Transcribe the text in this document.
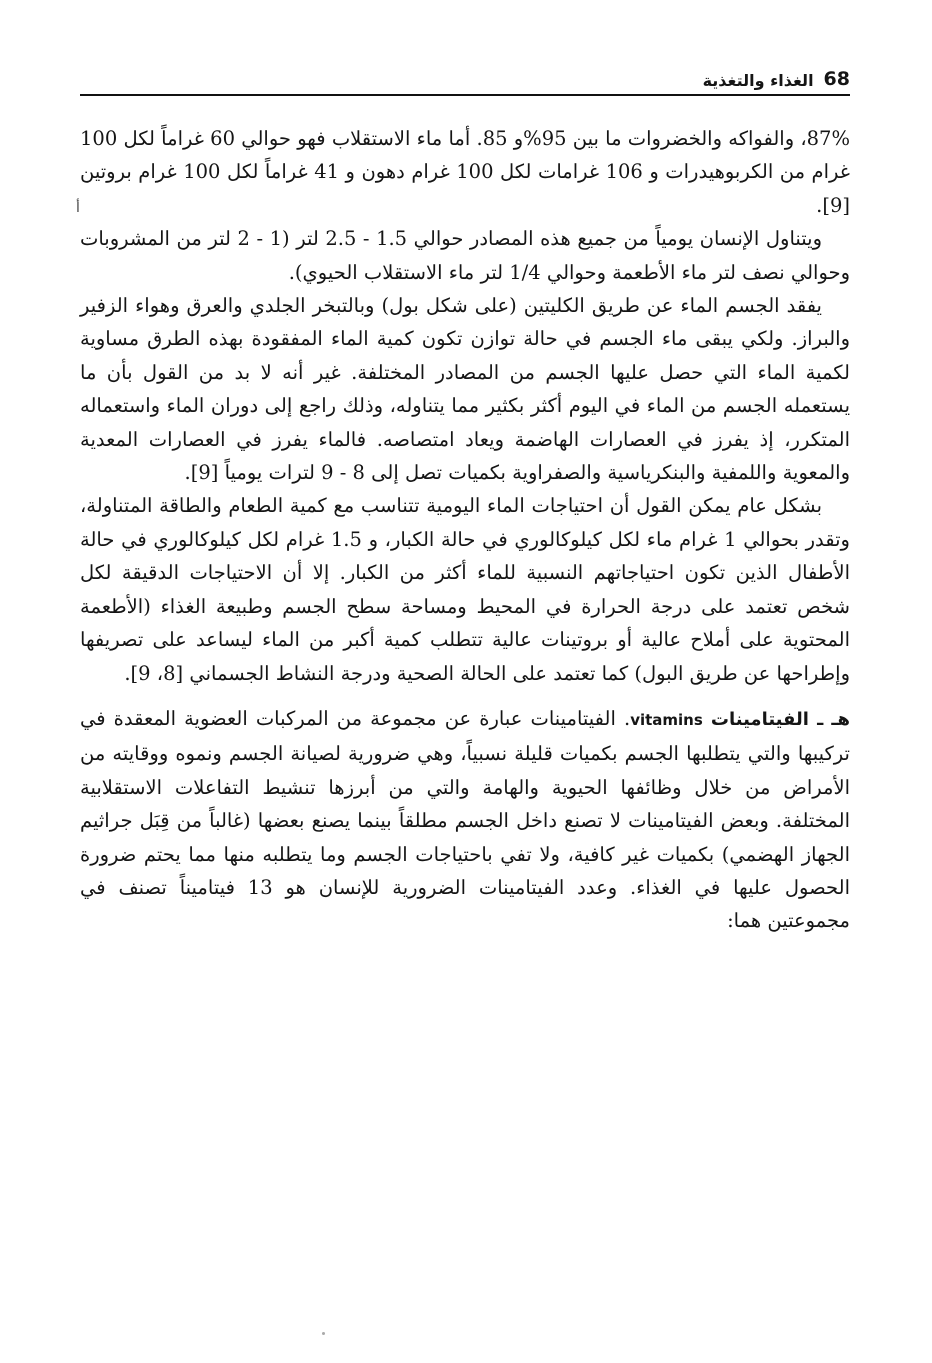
68
الغذاء والتغذية
أ

87%، والفواكه والخضروات ما بين 95%و 85. أما ماء الاستقلاب فهو حوالي 60 غراماً لكل 100 غرام من الكربوهيدرات و 106 غرامات لكل 100 غرام دهون و 41 غراماً لكل 100 غرام بروتين [9].

ويتناول الإنسان يومياً من جميع هذه المصادر حوالي 1.5 - 2.5 لتر (1 - 2 لتر من المشروبات وحوالي نصف لتر ماء الأطعمة وحوالي 1/4 لتر ماء الاستقلاب الحيوي).

يفقد الجسم الماء عن طريق الكليتين (على شكل بول) وبالتبخر الجلدي والعرق وهواء الزفير والبراز. ولكي يبقى ماء الجسم في حالة توازن تكون كمية الماء المفقودة بهذه الطرق مساوية لكمية الماء التي حصل عليها الجسم من المصادر المختلفة. غير أنه لا بد من القول بأن ما يستعمله الجسم من الماء في اليوم أكثر بكثير مما يتناوله، وذلك راجع إلى دوران الماء واستعماله المتكرر، إذ يفرز في العصارات الهاضمة ويعاد امتصاصه. فالماء يفرز في العصارات المعدية والمعوية واللمفية والبنكرياسية والصفراوية بكميات تصل إلى 8 - 9 لترات يومياً [9].

بشكل عام يمكن القول أن احتياجات الماء اليومية تتناسب مع كمية الطعام والطاقة المتناولة، وتقدر بحوالي 1 غرام ماء لكل كيلوكالوري في حالة الكبار، و 1.5 غرام لكل كيلوكالوري في حالة الأطفال الذين تكون احتياجاتهم النسبية للماء أكثر من الكبار. إلا أن الاحتياجات الدقيقة لكل شخص تعتمد على درجة الحرارة في المحيط ومساحة سطح الجسم وطبيعة الغذاء (الأطعمة المحتوية على أملاح عالية أو بروتينات عالية تتطلب كمية أكبر من الماء ليساعد على تصريفها وإطراحها عن طريق البول) كما تعتمد على الحالة الصحية ودرجة النشاط الجسماني [8، 9].

هـ ـ الفيتامينات vitamins. الفيتامينات عبارة عن مجموعة من المركبات العضوية المعقدة في تركيبها والتي يتطلبها الجسم بكميات قليلة نسبياً، وهي ضرورية لصيانة الجسم ونموه ووقايته من الأمراض من خلال وظائفها الحيوية والهامة والتي من أبرزها تنشيط التفاعلات الاستقلابية المختلفة. وبعض الفيتامينات لا تصنع داخل الجسم مطلقاً بينما يصنع بعضها (غالباً من قِبَل جراثيم الجهاز الهضمي) بكميات غير كافية، ولا تفي باحتياجات الجسم وما يتطلبه منها مما يحتم ضرورة الحصول عليها في الغذاء. وعدد الفيتامينات الضرورية للإنسان هو 13 فيتاميناً تصنف في مجموعتين هما:
